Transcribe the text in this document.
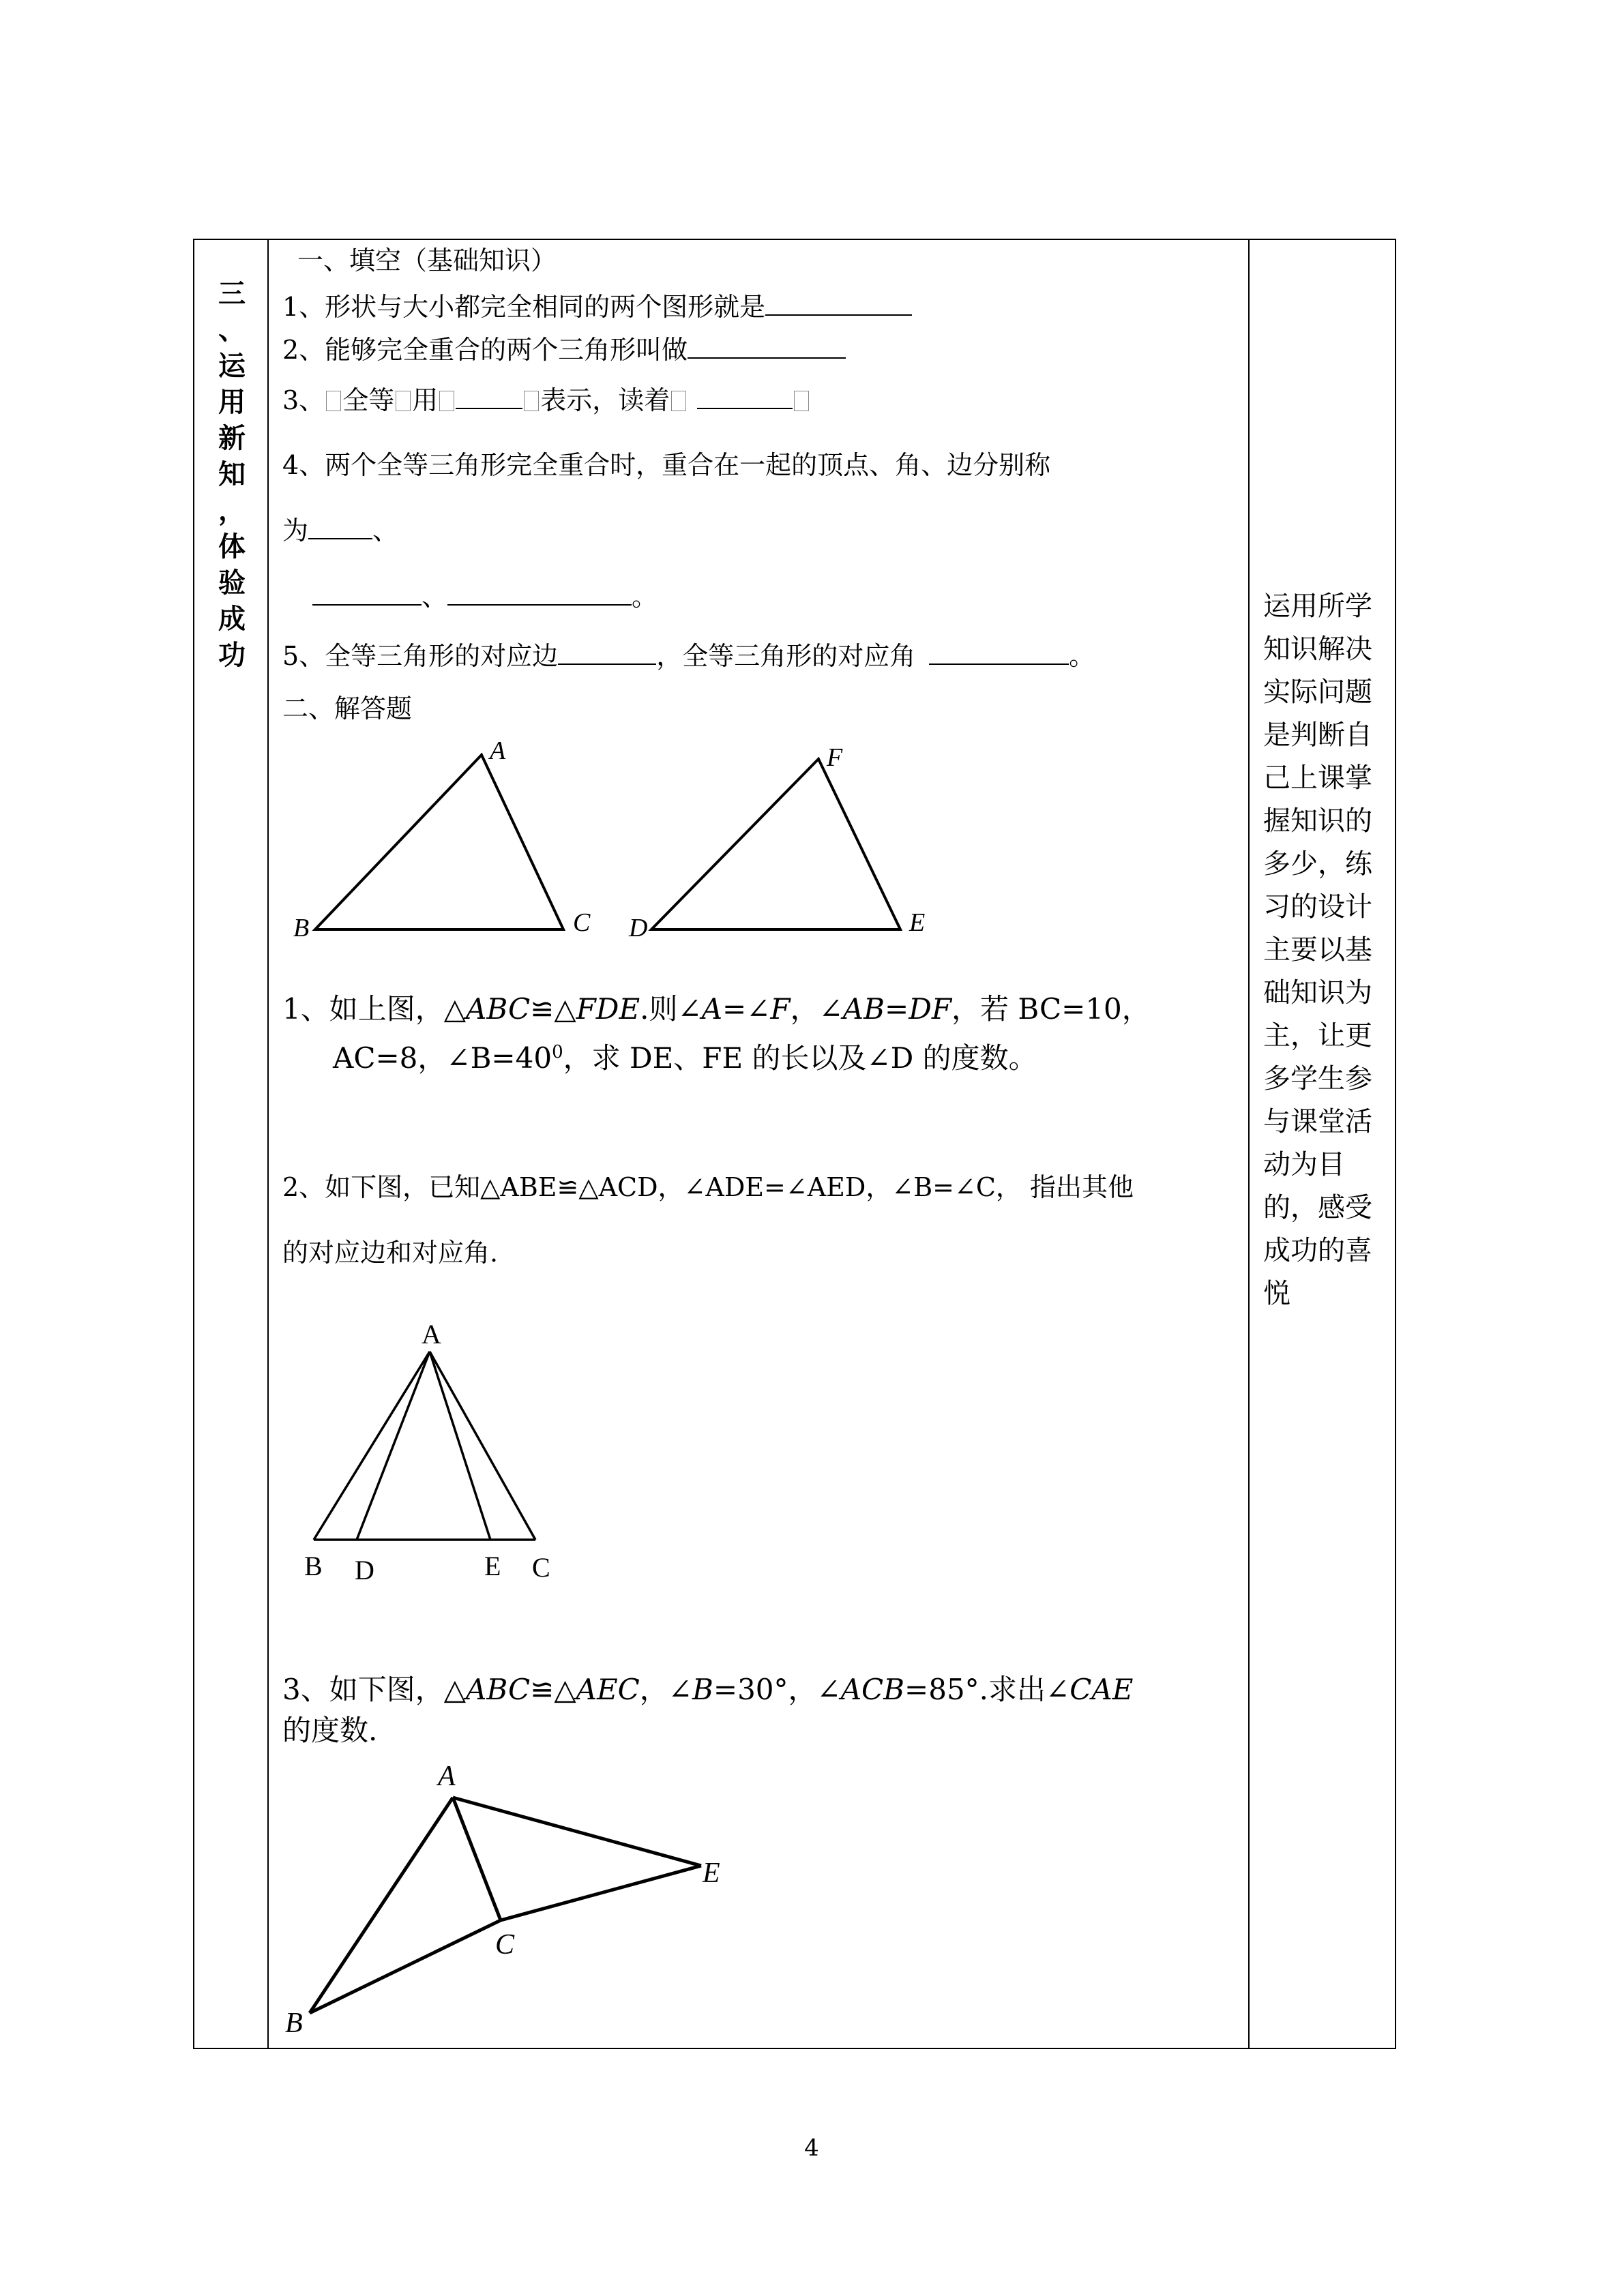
三
、
运
用
新
知
，
体
验
成
功
一、填空（基础知识）
1、形状与大小都完全相同的两个图形就是
2、能够完全重合的两个三角形叫做
3、 全等 用	表示，读着
4、两个全等三角形完全重合时，重合在一起的顶点、角、边分别称
为 、
、	。
5、全等三角形的对应边	，全等三角形的对应角	。
二、解答题
A
B	C D	E
F
1、如上图，△ABC≌△FDE.则∠A=∠F，∠AB=DF，若 BC=10，
AC=8，$\angle B=40^0$，求 DE、FE 的长以及∠D 的度数。
2、如下图，已知△ABE≌△ACD，∠ADE=∠AED，∠B=∠C， 指出其他
的对应边和对应角.
A
B D	E C
3、如下图，△ABC≌△AEC，∠B=30°，∠ACB=85°.求出∠CAE
的度数.
A
E
C
B
运用所学
知识解决
实际问题
是判断自
己上课掌
握知识的
多少，练
习的设计
主要以基
础知识为
主，让更
多学生参
与课堂活
动为目
的，感受
成功的喜
悦
4
